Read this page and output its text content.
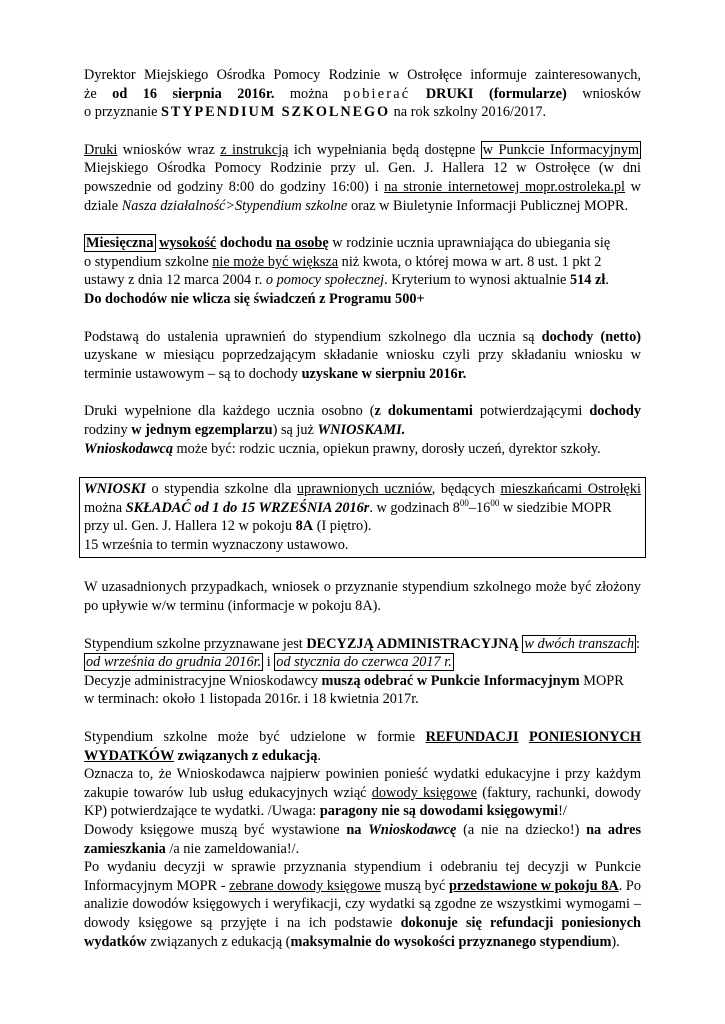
Dyrektor Miejskiego Ośrodka Pomocy Rodzinie w Ostrołęce informuje zainteresowanych,
że od 16 sierpnia 2016r. można pobierać DRUKI (formularze) wniosków
o przyznanie STYPENDIUM SZKOLNEGO na rok szkolny 2016/2017.

Druki wniosków wraz z instrukcją ich wypełniania będą dostępne w Punkcie Informacyjnym Miejskiego Ośrodka Pomocy Rodzinie przy ul. Gen. J. Hallera 12 w Ostrołęce (w dni powszednie od godziny 8:00 do godziny 16:00) i na stronie internetowej mopr.ostroleka.pl w dziale Nasza działalność>Stypendium szkolne oraz w Biuletynie Informacji Publicznej MOPR.

Miesięczna wysokość dochodu na osobę w rodzinie ucznia uprawniająca do ubiegania się
o stypendium szkolne nie może być większa niż kwota, o której mowa w art. 8 ust. 1 pkt 2
ustawy z dnia 12 marca 2004 r. o pomocy społecznej. Kryterium to wynosi aktualnie 514 zł.
Do dochodów nie wlicza się świadczeń z Programu 500+

Podstawą do ustalenia uprawnień do stypendium szkolnego dla ucznia są dochody (netto) uzyskane w miesiącu poprzedzającym składanie wniosku czyli przy składaniu wniosku w terminie ustawowym – są to dochody uzyskane w sierpniu 2016r.

Druki wypełnione dla każdego ucznia osobno (z dokumentami potwierdzającymi dochody
rodziny w jednym egzemplarzu) są już WNIOSKAMI.
Wnioskodawcą może być: rodzic ucznia, opiekun prawny, dorosły uczeń, dyrektor szkoły.
WNIOSKI o stypendia szkolne dla uprawnionych uczniów, będących mieszkańcami Ostrołęki
można SKŁADAĆ od 1 do 15 WRZEŚNIA 2016r. w godzinach $8^{00}-16^{00}$ w siedzibie MOPR
przy ul. Gen. J. Hallera 12 w pokoju 8A (I piętro).
15 września to termin wyznaczony ustawowo.

W uzasadnionych przypadkach, wniosek o przyznanie stypendium szkolnego może być złożony po upływie w/w terminu (informacje w pokoju 8A).

Stypendium szkolne przyznawane jest DECYZJĄ ADMINISTRACYJNĄ w dwóch transzach :
od września do grudnia 2016r. i od stycznia do czerwca 2017 r.
Decyzje administracyjne Wnioskodawcy muszą odebrać w Punkcie Informacyjnym MOPR
w terminach: około 1 listopada 2016r. i 18 kwietnia 2017r.
Stypendium szkolne może być udzielone w formie REFUNDACJI PONIESIONYCH
WYDATKÓW związanych z edukacją.

Oznacza to, że Wnioskodawca najpierw powinien ponieść wydatki edukacyjne i przy każdym zakupie towarów lub usług edukacyjnych wziąć dowody księgowe (faktury, rachunki, dowody KP) potwierdzające te wydatki. /Uwaga: paragony nie są dowodami księgowymi!/

Dowody księgowe muszą być wystawione na Wnioskodawcę (a nie na dziecko!) na adres zamieszkania /a nie zameldowania!/.

Po wydaniu decyzji w sprawie przyznania stypendium i odebraniu tej decyzji w Punkcie Informacyjnym MOPR - zebrane dowody księgowe muszą być przedstawione w pokoju 8A. Po analizie dowodów księgowych i weryfikacji, czy wydatki są zgodne ze wszystkimi wymogami – dowody księgowe są przyjęte i na ich podstawie dokonuje się refundacji poniesionych wydatków związanych z edukacją (maksymalnie do wysokości przyznanego stypendium).
